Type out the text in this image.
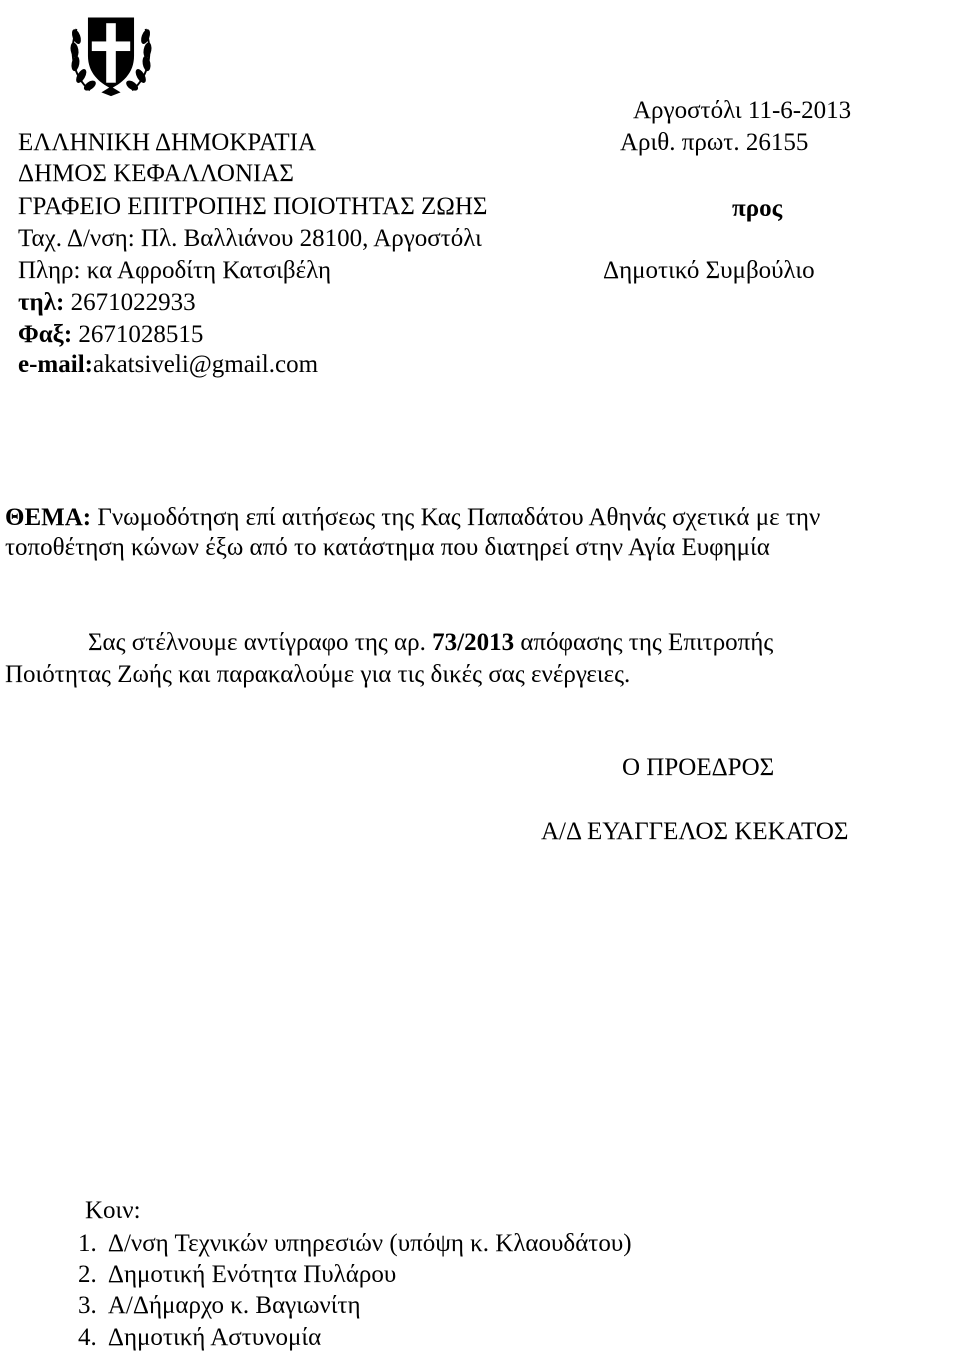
Αργοστόλι 11-6-2013
Αριθ. πρωτ. 26155
προς
Δημοτικό Συμβούλιο
ΕΛΛΗΝΙΚΗ ΔΗΜΟΚΡΑΤΙΑ
ΔΗΜΟΣ ΚΕΦΑΛΛΟΝΙΑΣ
ΓΡΑΦΕΙΟ ΕΠΙΤΡΟΠΗΣ ΠΟΙΟΤΗΤΑΣ ΖΩΗΣ
Ταχ. Δ/νση: Πλ. Βαλλιάνου 28100, Αργοστόλι
Πληρ: κα Αφροδίτη Κατσιβέλη
τηλ: 2671022933
Φαξ: 2671028515
e-mail:akatsiveli@gmail.com
ΘΕΜΑ: Γνωμοδότηση επί αιτήσεως της Κας Παπαδάτου Αθηνάς σχετικά με την
τοποθέτηση κώνων έξω από το κατάστημα που διατηρεί στην Αγία Ευφημία
Σας στέλνουμε αντίγραφο της αρ. 73/2013 απόφασης της Επιτροπής
Ποιότητας Ζωής και παρακαλούμε για τις δικές σας ενέργειες.
Ο ΠΡΟΕΔΡΟΣ
Α/Δ ΕΥΑΓΓΕΛΟΣ ΚΕΚΑΤΟΣ
Κοιν:
1.  Δ/νση Τεχνικών υπηρεσιών (υπόψη κ. Κλαουδάτου)
2.  Δημοτική Ενότητα Πυλάρου
3.  Α/Δήμαρχο κ. Βαγιωνίτη
4.  Δημοτική Αστυνομία
